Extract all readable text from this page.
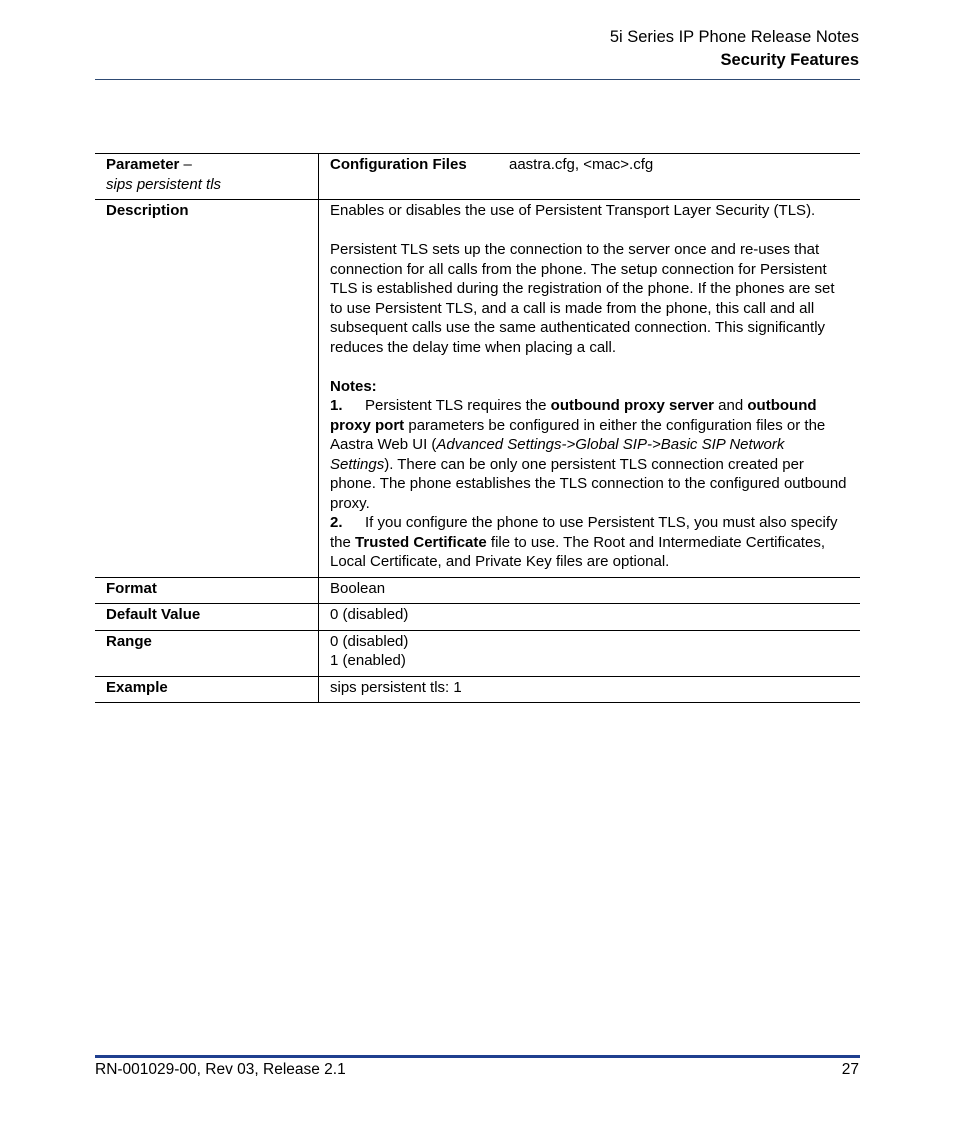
5i Series IP Phone Release Notes
Security Features
Parameter –
sips persistent tls	Configuration Files aastra.cfg, <mac>.cfg
Description	Enables or disables the use of Persistent Transport Layer Security (TLS).

Persistent TLS sets up the connection to the server once and re-uses that connection for all calls from the phone. The setup connection for Persistent TLS is established during the registration of the phone. If the phones are set to use Persistent TLS, and a call is made from the phone, this call and all subsequent calls use the same authenticated connection. This significantly reduces the delay time when placing a call.

Notes:

1. Persistent TLS requires the outbound proxy server and outbound proxy port parameters be configured in either the configuration files or the Aastra Web UI (Advanced Settings->Global SIP->Basic SIP Network Settings). There can be only one persistent TLS connection created per phone. The phone establishes the TLS connection to the configured outbound proxy.

2. If you configure the phone to use Persistent TLS, you must also specify the Trusted Certificate file to use. The Root and Intermediate Certificates, Local Certificate, and Private Key files are optional.

Format	Boolean
Default Value	0 (disabled)
Range	0 (disabled)
1 (enabled)

Example	sips persistent tls: 1
RN-001029-00, Rev 03, Release 2.1	27
